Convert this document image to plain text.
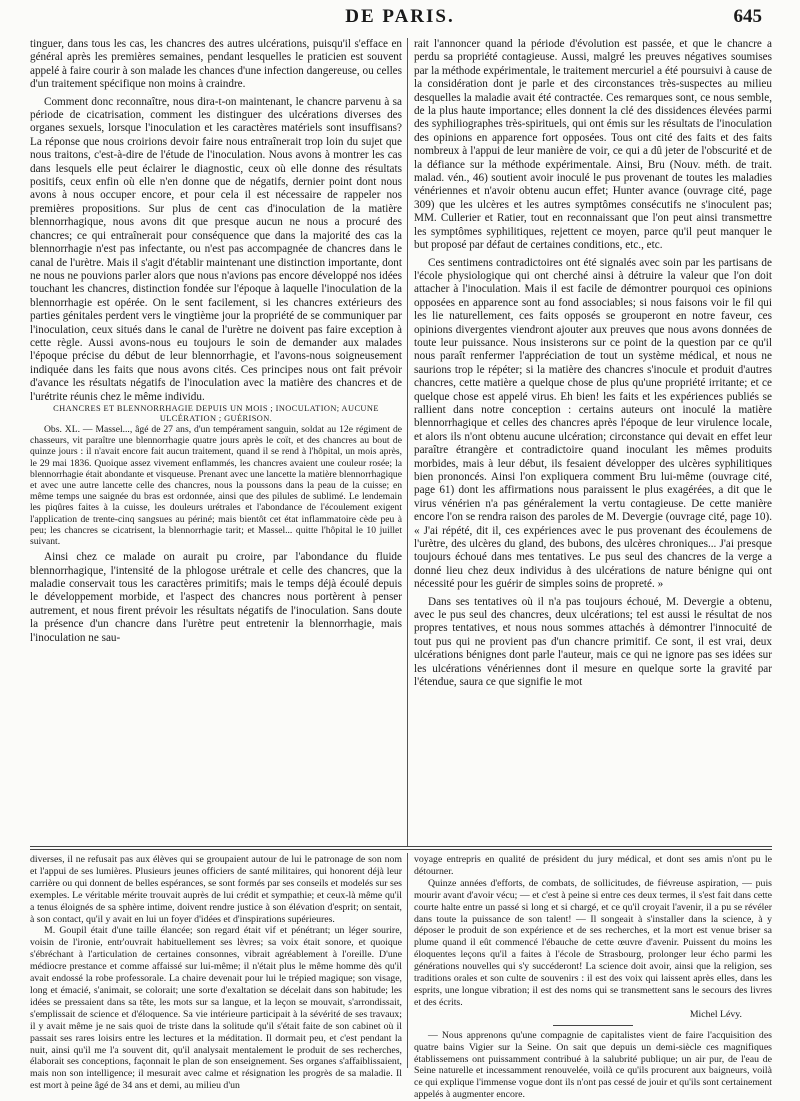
DE PARIS.	645

tinguer, dans tous les cas, les chancres des autres ulcérations, puisqu'il s'efface en général après les premières semaines, pendant lesquelles le praticien est souvent appelé à faire courir à son malade les chances d'une infection dangereuse, ou celles d'un traitement spécifique non moins à craindre.

Comment donc reconnaître, nous dira-t-on maintenant, le chancre parvenu à sa période de cicatrisation, comment les distinguer des ulcérations diverses des organes sexuels, lorsque l'inoculation et les caractères matériels sont insuffisans? La réponse que nous croirions devoir faire nous entraînerait trop loin du sujet que nous traitons, c'est-à-dire de l'étude de l'inoculation. Nous avons à montrer les cas dans lesquels elle peut éclairer le diagnostic, ceux où elle donne des résultats positifs, ceux enfin où elle n'en donne que de négatifs, dernier point dont nous avons à nous occuper encore, et pour cela il est nécessaire de rappeler nos premières propositions. Sur plus de cent cas d'inoculation de la matière blennorrhagique, nous avons dit que presque aucun ne nous a procuré des chancres; ce qui entraînerait pour conséquence que dans la majorité des cas la blennorrhagie n'est pas infectante, ou n'est pas accompagnée de chancres dans le canal de l'urètre. Mais il s'agit d'établir maintenant une distinction importante, dont ne nous ne pouvions parler alors que nous n'avions pas encore développé nos idées touchant les chancres, distinction fondée sur l'époque à laquelle l'inoculation de la blennorrhagie est opérée. On le sent facilement, si les chancres extérieurs des parties génitales perdent vers le vingtième jour la propriété de se communiquer par l'inoculation, ceux situés dans le canal de l'urètre ne doivent pas faire exception à cette règle. Aussi avons-nous eu toujours le soin de demander aux malades l'époque précise du début de leur blennorrhagie, et l'avons-nous soigneusement indiquée dans les faits que nous avons cités. Ces principes nous ont fait prévoir d'avance les résultats négatifs de l'inoculation avec la matière des chancres et de l'urétrite réunis chez le même individu.

CHANCRES ET BLENNORRHAGIE DEPUIS UN MOIS ; INOCULATION; AUCUNE ULCÉRATION ; GUÉRISON.

Obs. XL. — Massel..., âgé de 27 ans, d'un tempérament sanguin, soldat au 12e régiment de chasseurs, vit paraître une blennorrhagie quatre jours après le coït, et des chancres au bout de quinze jours : il n'avait encore fait aucun traitement, quand il se rend à l'hôpital, un mois après, le 29 mai 1836. Quoique assez vivement enflammés, les chancres avaient une couleur rosée; la blennorrhagie était abondante et visqueuse. Prenant avec une lancette la matière blennorrhagique et avec une autre lancette celle des chancres, nous la poussons dans la peau de la cuisse; en même temps une saignée du bras est ordonnée, ainsi que des pilules de sublimé. Le lendemain les piqûres faites à la cuisse, les douleurs urétrales et l'abondance de l'écoulement exigent l'application de trente-cinq sangsues au périné; mais bientôt cet état inflammatoire cède peu à peu; les chancres se cicatrisent, la blennorrhagie tarit; et Massel... quitte l'hôpital le 10 juillet suivant.

Ainsi chez ce malade on aurait pu croire, par l'abondance du fluide blennorrhagique, l'intensité de la phlogose urétrale et celle des chancres, que la maladie conservait tous les caractères primitifs; mais le temps déjà écoulé depuis le développement morbide, et l'aspect des chancres nous portèrent à penser autrement, et nous firent prévoir les résultats négatifs de l'inoculation. Sans doute la présence d'un chancre dans l'urètre peut entretenir la blennorrhagie, mais l'inoculation ne sau-

rait l'annoncer quand la période d'évolution est passée, et que le chancre a perdu sa propriété contagieuse. Aussi, malgré les preuves négatives soumises par la méthode expérimentale, le traitement mercuriel a été poursuivi à cause de la considération dont je parle et des circonstances très-suspectes au milieu desquelles la maladie avait été contractée. Ces remarques sont, ce nous semble, de la plus haute importance; elles donnent la clé des dissidences élevées parmi des syphiliographes très-spirituels, qui ont émis sur les résultats de l'inoculation des opinions en apparence fort opposées. Tous ont cité des faits et des faits nombreux à l'appui de leur manière de voir, ce qui a dû jeter de l'obscurité et de la défiance sur la méthode expérimentale. Ainsi, Bru (Nouv. méth. de trait. malad. vén., 46) soutient avoir inoculé le pus provenant de toutes les maladies vénériennes et n'avoir obtenu aucun effet; Hunter avance (ouvrage cité, page 309) que les ulcères et les autres symptômes consécutifs ne s'inoculent pas; MM. Cullerier et Ratier, tout en reconnaissant que l'on peut ainsi transmettre les symptômes syphilitiques, rejettent ce moyen, parce qu'il peut manquer le but proposé par défaut de certaines conditions, etc., etc.

Ces sentimens contradictoires ont été signalés avec soin par les partisans de l'école physiologique qui ont cherché ainsi à détruire la valeur que l'on doit attacher à l'inoculation. Mais il est facile de démontrer pourquoi ces opinions opposées en apparence sont au fond associables; si nous faisons voir le fil qui les lie naturellement, ces faits opposés se grouperont en notre faveur, ces opinions divergentes viendront ajouter aux preuves que nous avons données de toute leur puissance. Nous insisterons sur ce point de la question par ce qu'il nous paraît renfermer l'appréciation de tout un système médical, et nous ne saurions trop le répéter; si la matière des chancres s'inocule et produit d'autres chancres, cette matière a quelque chose de plus qu'une propriété irritante; et ce quelque chose est appelé virus. Eh bien! les faits et les expériences publiés se rallient dans notre conception : certains auteurs ont inoculé la matière blennorrhagique et celles des chancres après l'époque de leur virulence locale, et alors ils n'ont obtenu aucune ulcération; circonstance qui devait en effet leur paraître étrangère et contradictoire quand inoculant les mêmes produits morbides, mais à leur début, ils fesaient développer des ulcères syphilitiques bien prononcés. Ainsi l'on expliquera comment Bru lui-même (ouvrage cité, page 61) dont les affirmations nous paraissent le plus exagérées, a dit que le virus vénérien n'a pas généralement la vertu contagieuse. De cette manière encore l'on se rendra raison des paroles de M. Devergie (ouvrage cité, page 10). « J'ai répété, dit il, ces expériences avec le pus provenant des écoulemens de l'urètre, des ulcères du gland, des bubons, des ulcères chroniques... J'ai presque toujours échoué dans mes tentatives. Le pus seul des chancres de la verge a donné lieu chez deux individus à des ulcérations de nature bénigne qui ont nécessité pour les guérir de simples soins de propreté. »

Dans ses tentatives où il n'a pas toujours échoué, M. Devergie a obtenu, avec le pus seul des chancres, deux ulcérations; tel est aussi le résultat de nos propres tentatives, et nous nous sommes attachés à démontrer l'innocuité de tout pus qui ne provient pas d'un chancre primitif. Ce sont, il est vrai, deux ulcérations bénignes dont parle l'auteur, mais ce qui ne ignore pas ses idées sur les ulcérations vénériennes dont il mesure en quelque sorte la gravité par l'étendue, saura ce que signifie le mot

diverses, il ne refusait pas aux élèves qui se groupaient autour de lui le patronage de son nom et l'appui de ses lumières. Plusieurs jeunes officiers de santé militaires, qui honorent déjà leur carrière ou qui donnent de belles espérances, se sont formés par ses conseils et modelés sur ses exemples. Le véritable mérite trouvait auprès de lui crédit et sympathie; et ceux-là même qu'il a tenus éloignés de sa sphère intime, doivent rendre justice à son élévation d'esprit; on sentait, à son contact, qu'il y avait en lui un foyer d'idées et d'inspirations supérieures.

M. Goupil était d'une taille élancée; son regard était vif et pénétrant; un léger sourire, voisin de l'ironie, entr'ouvrait habituellement ses lèvres; sa voix était sonore, et quoique s'ébréchant à l'articulation de certaines consonnes, vibrait agréablement à l'oreille. D'une médiocre prestance et comme affaissé sur lui-même; il n'était plus le même homme dès qu'il avait endossé la robe professorale. La chaire devenait pour lui le trépied magique; son visage, long et émacié, s'animait, se colorait; une sorte d'exaltation se décelait dans son habitude; les idées se pressaient dans sa tête, les mots sur sa langue, et la leçon se mouvait, s'arrondissait, s'emplissait de science et d'éloquence. Sa vie intérieure participait à la sévérité de ses travaux; il y avait même je ne sais quoi de triste dans la solitude qu'il s'était faite de son cabinet où il passait ses rares loisirs entre les lectures et la méditation. Il dormait peu, et c'est pendant la nuit, ainsi qu'il me l'a souvent dit, qu'il analysait mentalement le produit de ses recherches, élaborait ses conceptions, façonnait le plan de son enseignement. Ses organes s'affaiblissaient, mais non son intelligence; il mesurait avec calme et résignation les progrès de sa maladie. Il est mort à peine âgé de 34 ans et demi, au milieu d'un

voyage entrepris en qualité de président du jury médical, et dont ses amis n'ont pu le détourner.

Quinze années d'efforts, de combats, de sollicitudes, de fiévreuse aspiration, — puis mourir avant d'avoir vécu; — et c'est à peine si entre ces deux termes, il s'est fait dans cette courte halte entre un passé si long et si chargé, et ce qu'il croyait l'avenir, il a pu se révéler dans toute la puissance de son talent! — Il songeait à s'installer dans la science, à y déposer le produit de son expérience et de ses recherches, et la mort est venue briser sa plume quand il eût commencé l'ébauche de cette œuvre d'avenir. Puissent du moins les éloquentes leçons qu'il a faites à l'école de Strasbourg, prolonger leur écho parmi les générations nouvelles qui s'y succéderont! La science doit avoir, ainsi que la religion, ses traditions orales et son culte de souvenirs : il est des voix qui laissent après elles, dans les esprits, une longue vibration; il est des noms qui se transmettent sans le secours des livres et des écrits.

Michel Lévy.

— Nous apprenons qu'une compagnie de capitalistes vient de faire l'acquisition des quatre bains Vigier sur la Seine. On sait que depuis un demi-siècle ces magnifiques établissemens ont puissamment contribué à la salubrité publique; un air pur, de l'eau de Seine naturelle et incessamment renouvelée, voilà ce qu'ils procurent aux baigneurs, voilà ce qui explique l'immense vogue dont ils n'ont pas cessé de jouir et qu'ils sont certainement appelés à augmenter encore.
